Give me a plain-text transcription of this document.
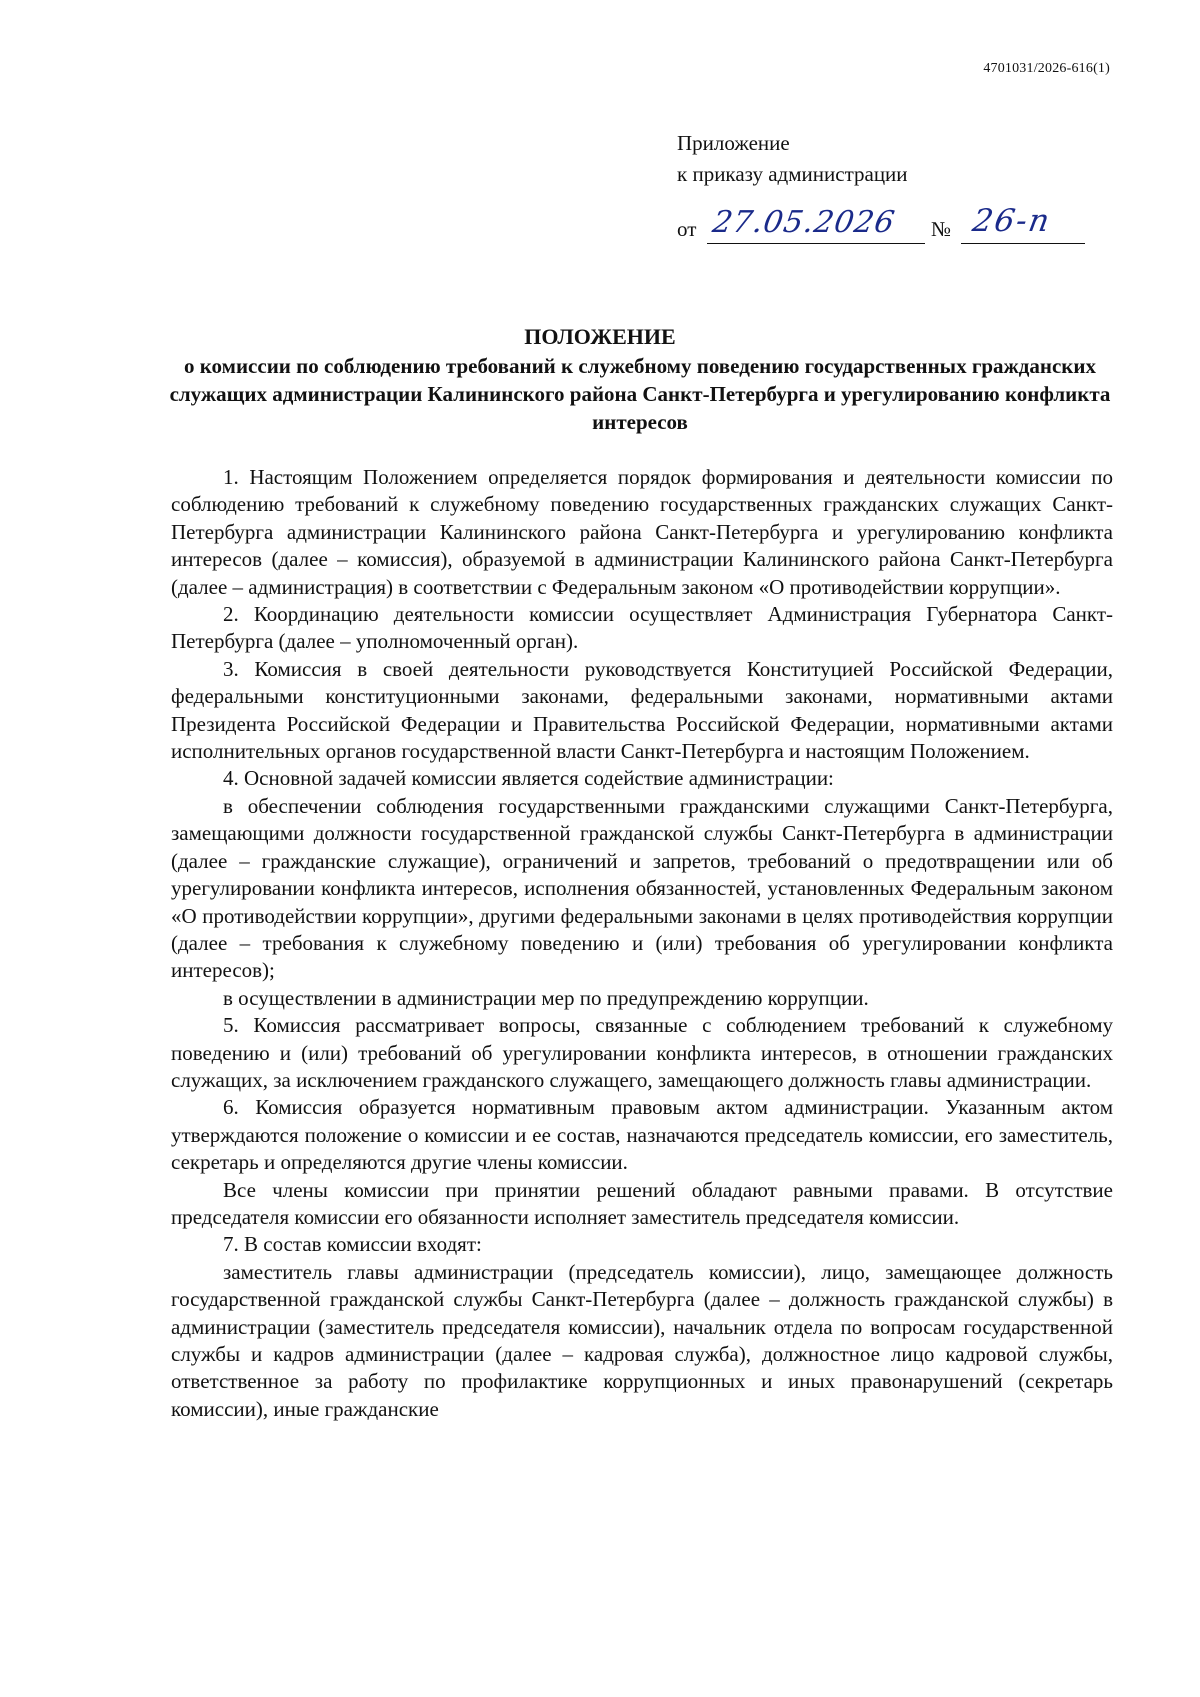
4701031/2026-616(1)
Приложение
к приказу администрации
от 27.05.2026 № 26-п
ПОЛОЖЕНИЕ
о комиссии по соблюдению требований к служебному поведению государственных гражданских служащих администрации Калининского района Санкт-Петербурга и урегулированию конфликта интересов

1. Настоящим Положением определяется порядок формирования и деятельности комиссии по соблюдению требований к служебному поведению государственных гражданских служащих Санкт-Петербурга администрации Калининского района Санкт-Петербурга и урегулированию конфликта интересов (далее – комиссия), образуемой в администрации Калининского района Санкт-Петербурга (далее – администрация) в соответствии с Федеральным законом «О противодействии коррупции».

2. Координацию деятельности комиссии осуществляет Администрация Губернатора Санкт-Петербурга (далее – уполномоченный орган).

3. Комиссия в своей деятельности руководствуется Конституцией Российской Федерации, федеральными конституционными законами, федеральными законами, нормативными актами Президента Российской Федерации и Правительства Российской Федерации, нормативными актами исполнительных органов государственной власти Санкт-Петербурга и настоящим Положением.

4. Основной задачей комиссии является содействие администрации:

в обеспечении соблюдения государственными гражданскими служащими Санкт-Петербурга, замещающими должности государственной гражданской службы Санкт-Петербурга в администрации (далее – гражданские служащие), ограничений и запретов, требований о предотвращении или об урегулировании конфликта интересов, исполнения обязанностей, установленных Федеральным законом «О противодействии коррупции», другими федеральными законами в целях противодействия коррупции (далее – требования к служебному поведению и (или) требования об урегулировании конфликта интересов);

в осуществлении в администрации мер по предупреждению коррупции.

5. Комиссия рассматривает вопросы, связанные с соблюдением требований к служебному поведению и (или) требований об урегулировании конфликта интересов, в отношении гражданских служащих, за исключением гражданского служащего, замещающего должность главы администрации.

6. Комиссия образуется нормативным правовым актом администрации. Указанным актом утверждаются положение о комиссии и ее состав, назначаются председатель комиссии, его заместитель, секретарь и определяются другие члены комиссии.

Все члены комиссии при принятии решений обладают равными правами. В отсутствие председателя комиссии его обязанности исполняет заместитель председателя комиссии.

7. В состав комиссии входят:

заместитель главы администрации (председатель комиссии), лицо, замещающее должность государственной гражданской службы Санкт-Петербурга (далее – должность гражданской службы) в администрации (заместитель председателя комиссии), начальник отдела по вопросам государственной службы и кадров администрации (далее – кадровая служба), должностное лицо кадровой службы, ответственное за работу по профилактике коррупционных и иных правонарушений (секретарь комиссии), иные гражданские
